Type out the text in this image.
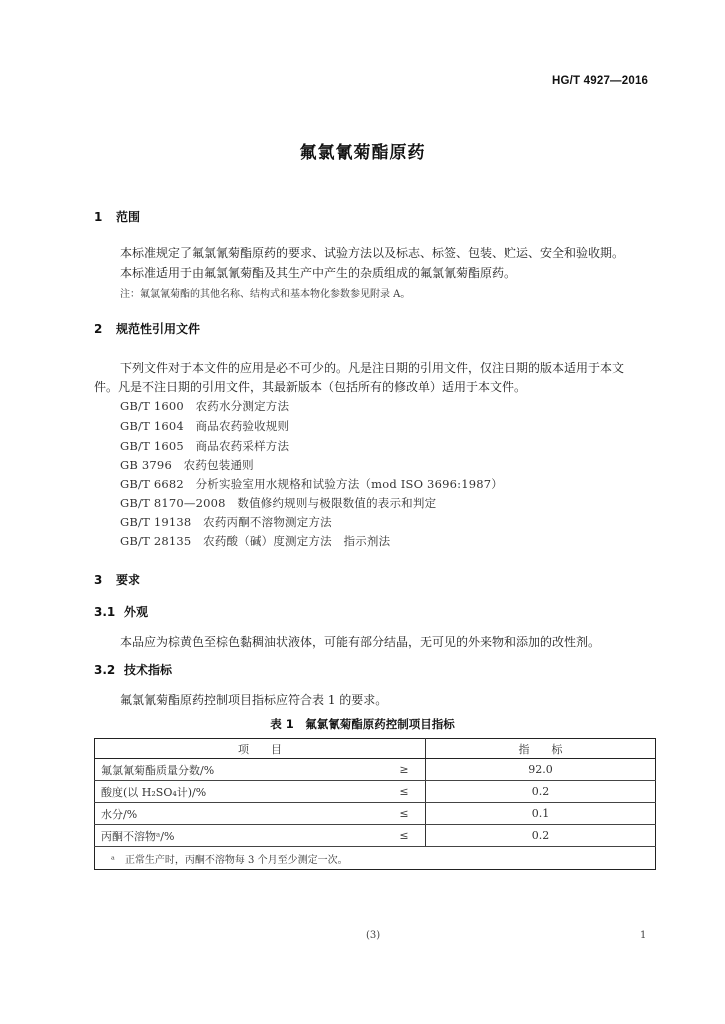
HG/T 4927—2016
氟氯氰菊酯原药
1 范围
本标准规定了氟氯氰菊酯原药的要求、试验方法以及标志、标签、包装、贮运、安全和验收期。
本标准适用于由氟氯氰菊酯及其生产中产生的杂质组成的氟氯氰菊酯原药。
注：氟氯氰菊酯的其他名称、结构式和基本物化参数参见附录 A。
2 规范性引用文件
下列文件对于本文件的应用是必不可少的。凡是注日期的引用文件，仅注日期的版本适用于本文
件。凡是不注日期的引用文件，其最新版本（包括所有的修改单）适用于本文件。
GB/T 1600　农药水分测定方法
GB/T 1604　商品农药验收规则
GB/T 1605　商品农药采样方法
GB 3796　农药包装通则
GB/T 6682　分析实验室用水规格和试验方法（mod ISO 3696:1987）
GB/T 8170—2008　数值修约规则与极限数值的表示和判定
GB/T 19138　农药丙酮不溶物测定方法
GB/T 28135　农药酸（碱）度测定方法　指示剂法
3 要求
3.1 外观
本品应为棕黄色至棕色黏稠油状液体，可能有部分结晶，无可见的外来物和添加的改性剂。
3.2 技术指标
氟氯氰菊酯原药控制项目指标应符合表 1 的要求。
表 1　氟氯氰菊酯原药控制项目指标
项　　目		指　　标
氟氯氰菊酯质量分数/%	≥	92.0
酸度(以 H₂SO₄计)/%	≤	0.2
水分/%	≤	0.1
丙酮不溶物ᵃ/%	≤	0.2
ᵃ　正常生产时，丙酮不溶物每 3 个月至少测定一次。		
(3)	1
